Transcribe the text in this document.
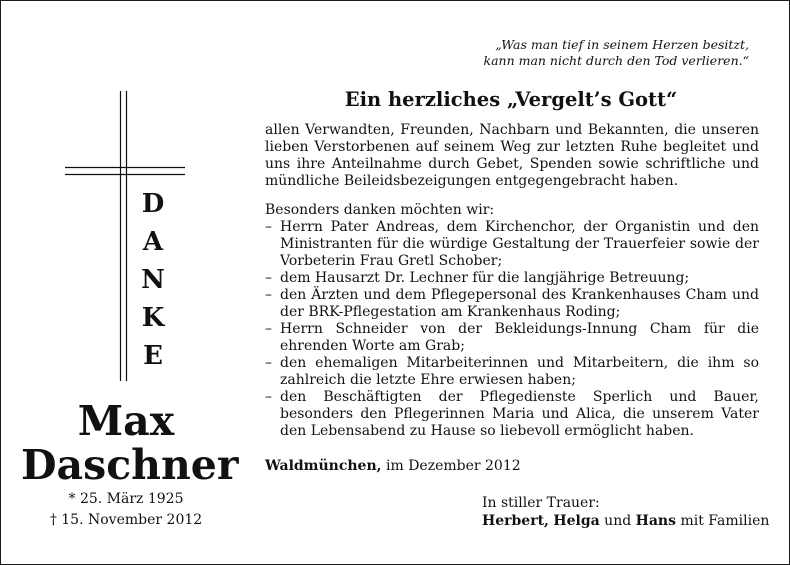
„Was man tief in seinem Herzen besitzt,
kann man nicht durch den Tod verlieren.“
Ein herzliches „Vergelt’s Gott“
allen Verwandten, Freunden, Nachbarn und Bekannten, die unseren lieben Verstorbenen auf seinem Weg zur letzten Ruhe begleitet und uns ihre Anteilnahme durch Gebet, Spenden sowie schriftliche und mündliche Beileidsbezeigungen entgegengebracht haben.
Besonders danken möchten wir:
– Herrn Pater Andreas, dem Kirchenchor, der Organistin und den Ministranten für die würdige Gestaltung der Trauerfeier sowie der Vorbeterin Frau Gretl Schober;
– dem Hausarzt Dr. Lechner für die langjährige Betreuung;
– den Ärzten und dem Pflegepersonal des Krankenhauses Cham und der BRK-Pflegestation am Krankenhaus Roding;
– Herrn Schneider von der Bekleidungs-Innung Cham für die ehrenden Worte am Grab;
– den ehemaligen Mitarbeiterinnen und Mitarbeitern, die ihm so zahlreich die letzte Ehre erwiesen haben;
– den Beschäftigten der Pflegedienste Sperlich und Bauer, besonders den Pflegerinnen Maria und Alica, die unserem Vater den Lebensabend zu Hause so liebevoll ermöglicht haben.
Waldmünchen, im Dezember 2012
In stiller Trauer:
Herbert, Helga und Hans mit Familien
D
A
N
K
E
Max
Daschner
* 25. März 1925
† 15. November 2012
